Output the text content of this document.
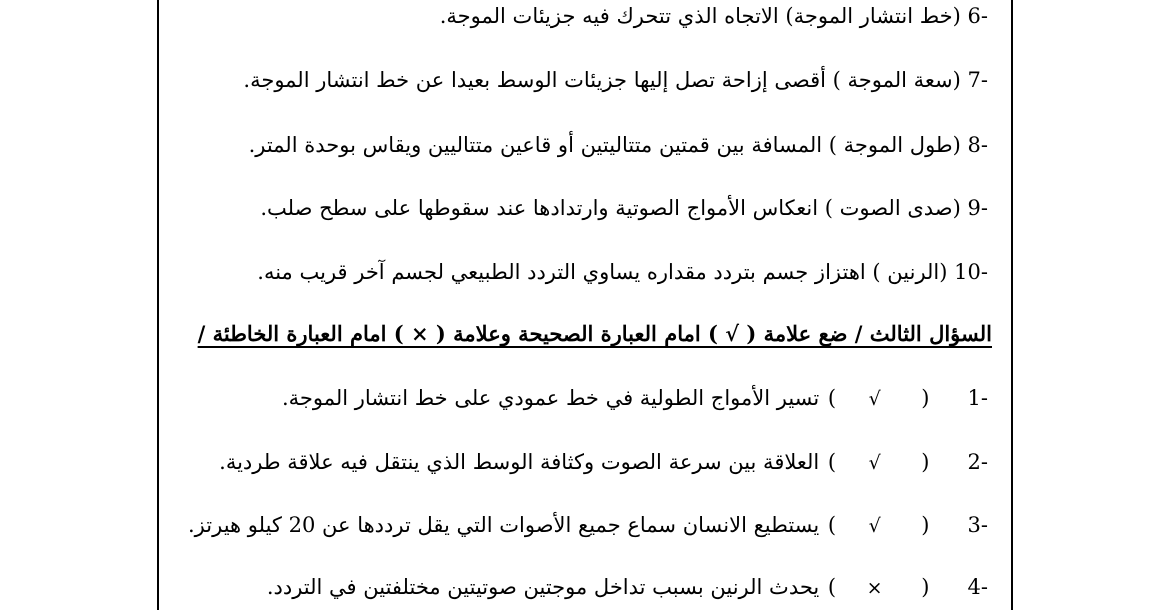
-6 (خط انتشار الموجة) الاتجاه الذي تتحرك فيه جزيئات الموجة.
-7 (سعة الموجة ) أقصى إزاحة تصل إليها جزيئات الوسط بعيدا عن خط انتشار الموجة.
-8 (طول الموجة ) المسافة بين قمتين متتاليتين أو قاعين متتاليين ويقاس بوحدة المتر.
-9 (صدى الصوت ) انعكاس الأمواج الصوتية وارتدادها عند سقوطها على سطح صلب.
-10 (الرنين ) اهتزاز جسم بتردد مقداره يساوي التردد الطبيعي لجسم آخر قريب منه.
السؤال الثالث / ضع علامة ( √ ) امام العبارة الصحيحة وعلامة ( × ) امام العبارة الخاطئة /
-1 ( √ ) تسير الأمواج الطولية في خط عمودي على خط انتشار الموجة.
-2 ( √ ) العلاقة بين سرعة الصوت وكثافة الوسط الذي ينتقل فيه علاقة طردية.
-3 ( √ ) يستطيع الانسان سماع جميع الأصوات التي يقل ترددها عن 20 كيلو هيرتز.
-4 ( × ) يحدث الرنين بسبب تداخل موجتين صوتيتين مختلفتين في التردد.
